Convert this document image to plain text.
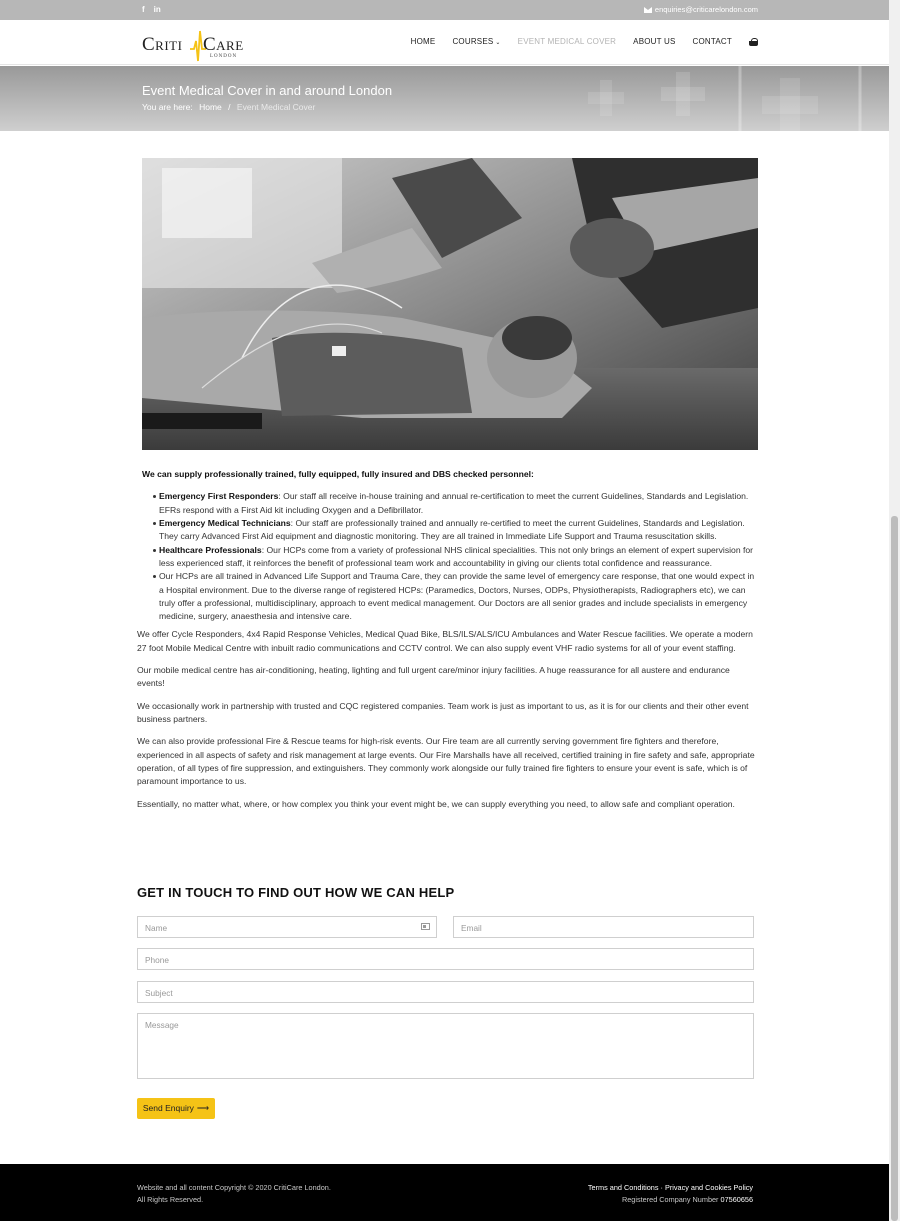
f in	enquiries@criticarelondon.com
Criti Care
LONDON
HOME COURSES ⌄ EVENT MEDICAL COVER ABOUT US CONTACT
Event Medical Cover in and around London
You are here: Home / Event Medical Cover

We can supply professionally trained, fully equipped, fully insured and DBS checked personnel:

Emergency First Responders: Our staff all receive in-house training and annual re-certification to meet the current Guidelines, Standards and Legislation. EFRs respond with a First Aid kit including Oxygen and a Defibrillator.
Emergency Medical Technicians: Our staff are professionally trained and annually re-certified to meet the current Guidelines, Standards and Legislation. They carry Advanced First Aid equipment and diagnostic monitoring. They are all trained in Immediate Life Support and Trauma resuscitation skills.
Healthcare Professionals: Our HCPs come from a variety of professional NHS clinical specialities. This not only brings an element of expert supervision for less experienced staff, it reinforces the benefit of professional team work and accountability in giving our clients total confidence and reassurance.
Our HCPs are all trained in Advanced Life Support and Trauma Care, they can provide the same level of emergency care response, that one would expect in a Hospital environment. Due to the diverse range of registered HCPs: (Paramedics, Doctors, Nurses, ODPs, Physiotherapists, Radiographers etc), we can truly offer a professional, multidisciplinary, approach to event medical management. Our Doctors are all senior grades and include specialists in emergency medicine, surgery, anaesthesia and intensive care.

We offer Cycle Responders, 4x4 Rapid Response Vehicles, Medical Quad Bike, BLS/ILS/ALS/ICU Ambulances and Water Rescue facilities. We operate a modern 27 foot Mobile Medical Centre with inbuilt radio communications and CCTV control. We can also supply event VHF radio systems for all of your event staffing.

Our mobile medical centre has air-conditioning, heating, lighting and full urgent care/minor injury facilities. A huge reassurance for all austere and endurance events!

We occasionally work in partnership with trusted and CQC registered companies. Team work is just as important to us, as it is for our clients and their other event business partners.

We can also provide professional Fire & Rescue teams for high-risk events. Our Fire team are all currently serving government fire fighters and therefore, experienced in all aspects of safety and risk management at large events. Our Fire Marshalls have all received, certified training in fire safety and safe, appropriate operation, of all types of fire suppression, and extinguishers. They commonly work alongside our fully trained fire fighters to ensure your event is safe, which is of paramount importance to us.

Essentially, no matter what, where, or how complex you think your event might be, we can supply everything you need, to allow safe and compliant operation.

GET IN TOUCH TO FIND OUT HOW WE CAN HELP
Name	Email
Phone
Subject
Message
Send Enquiry ⟶
Website and all content Copyright © 2020 CritiCare London.
All Rights Reserved.
Terms and Conditions · Privacy and Cookies Policy
Registered Company Number 07560656
